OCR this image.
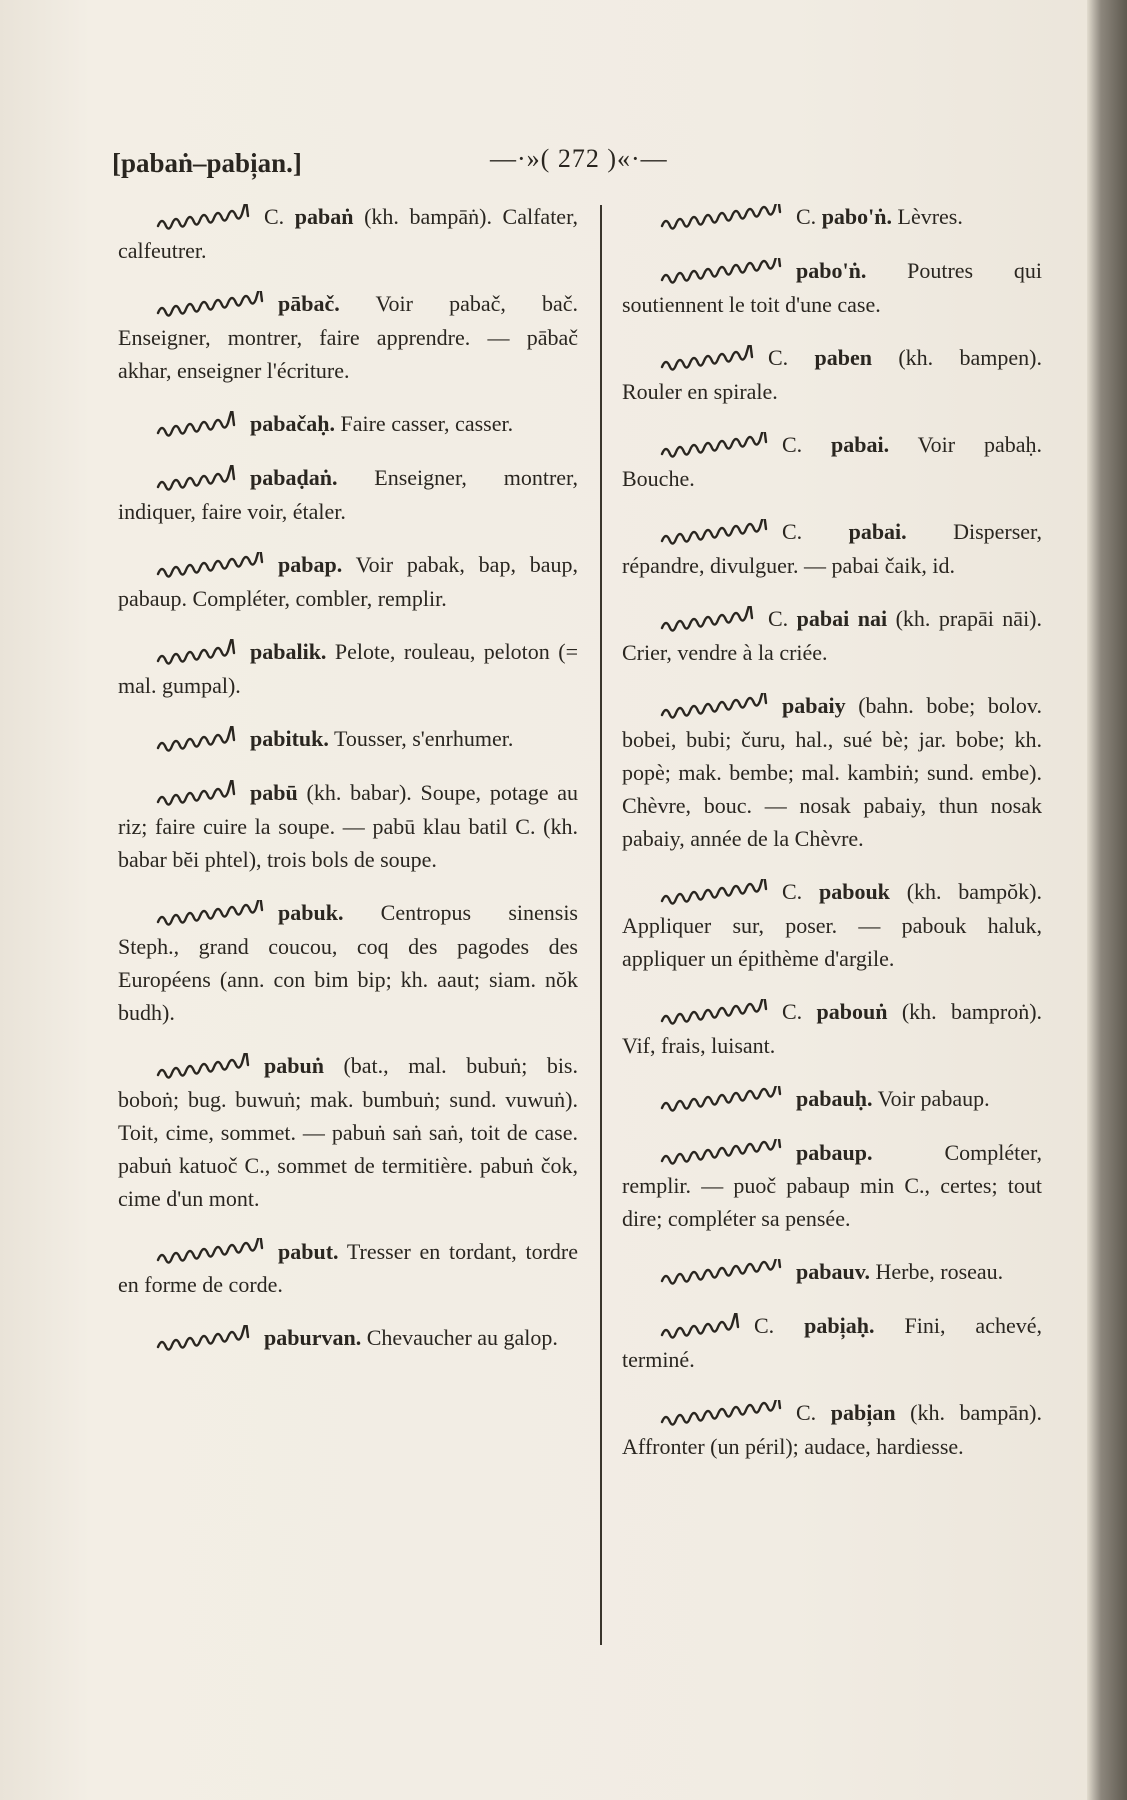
[pabaṅ–pabi̦an.]	—·»( 272 )«·—
C. pabaṅ (kh. bampāṅ). Calfater, calfeutrer.
pābač. Voir pabač, bač. Enseigner, montrer, faire apprendre. — pābač akhar, enseigner l'écriture.
pabačaḥ. Faire casser, casser.
pabaḍaṅ. Enseigner, montrer, indiquer, faire voir, étaler.
pabap. Voir pabak, bap, baup, pabaup. Compléter, combler, remplir.
pabalik. Pelote, rouleau, peloton (= mal. gumpal).
pabituk. Tousser, s'enrhumer.
pabū (kh. babar). Soupe, potage au riz; faire cuire la soupe. — pabū klau batil C. (kh. babar bĕi phtel), trois bols de soupe.
pabuk. Centropus sinensis Steph., grand coucou, coq des pagodes des Européens (ann. con bim bip; kh. aaut; siam. nŏk budh).
pabuṅ (bat., mal. bubuṅ; bis. boboṅ; bug. buwuṅ; mak. bumbuṅ; sund. vuwuṅ). Toit, cime, sommet. — pabuṅ saṅ saṅ, toit de case. pabuṅ katuoč C., sommet de termitière. pabuṅ čok, cime d'un mont.
pabut. Tresser en tordant, tordre en forme de corde.
paburvan. Chevaucher au galop.
C. pabo'ṅ. Lèvres.
pabo'ṅ. Poutres qui soutiennent le toit d'une case.
C. paben (kh. bampen). Rouler en spirale.
C. pabai. Voir pabaḥ. Bouche.
C. pabai. Disperser, répandre, divulguer. — pabai čaik, id.
C. pabai nai (kh. prapāi nāi). Crier, vendre à la criée.
pabaiy (bahn. bobe; bolov. bobei, bubi; čuru, hal., sué bè; jar. bobe; kh. popè; mak. bembe; mal. kambiṅ; sund. embe). Chèvre, bouc. — nosak pabaiy, thun nosak pabaiy, année de la Chèvre.
C. pabouk (kh. bampŏk). Appliquer sur, poser. — pabouk haluk, appliquer un épithème d'argile.
C. pabouṅ (kh. bamproṅ). Vif, frais, luisant.
pabauḥ. Voir pabaup.
pabaup.	Compléter, remplir. — puoč pabaup min C., certes; tout dire; compléter sa pensée.
pabauv. Herbe, roseau.
C. pabi̦aḥ. Fini, achevé, terminé.
C. pabi̦an (kh. bampān). Affronter (un péril); audace, hardiesse.
